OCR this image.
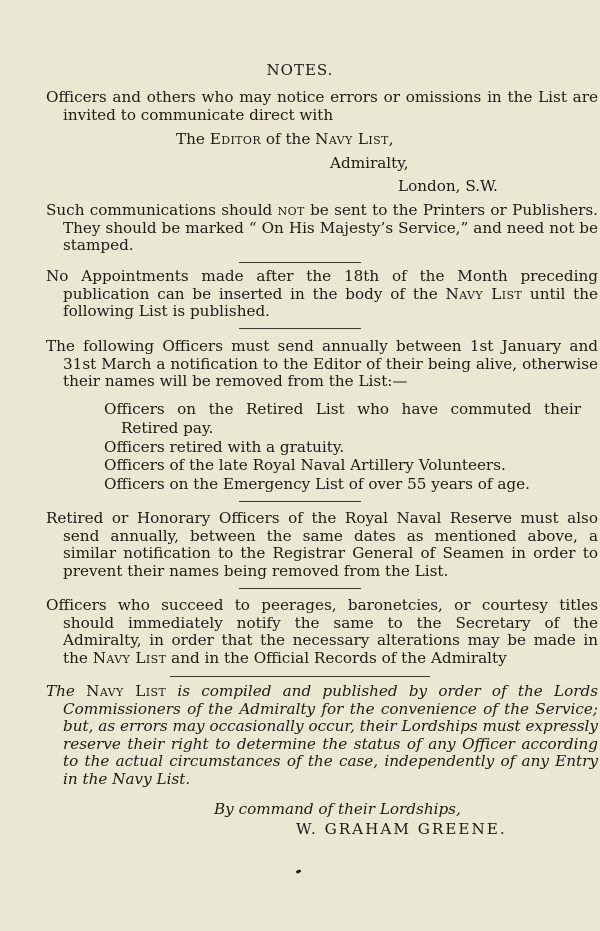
NOTES.

Officers and others who may notice errors or omissions in the List are invited to communicate direct with

The Editor of the Navy List,
Admiralty,
London, S.W.

Such communications should not be sent to the Printers or Publishers. They should be marked “ On His Majesty’s Service,” and need not be stamped.

No Appointments made after the 18th of the Month preceding publication can be inserted in the body of the Navy List until the following List is published.

The following Officers must send annually between 1st January and 31st March a notification to the Editor of their being alive, otherwise their names will be removed from the List:—

Officers on the Retired List who have commuted their Retired pay.
Officers retired with a gratuity.
Officers of the late Royal Naval Artillery Volunteers.
Officers on the Emergency List of over 55 years of age.

Retired or Honorary Officers of the Royal Naval Reserve must also send annually, between the same dates as mentioned above, a similar notification to the Registrar General of Seamen in order to prevent their names being removed from the List.

Officers who succeed to peerages, baronetcies, or courtesy titles should immediately notify the same to the Secretary of the Admiralty, in order that the necessary alterations may be made in the Navy List and in the Official Records of the Admiralty

The Navy List is compiled and published by order of the Lords Commissioners of the Admiralty for the convenience of the Service; but, as errors may occasionally occur, their Lordships must expressly reserve their right to determine the status of any Officer according to the actual circumstances of the case, independently of any Entry in the Navy List.

By command of their Lordships,
W. GRAHAM GREENE.
